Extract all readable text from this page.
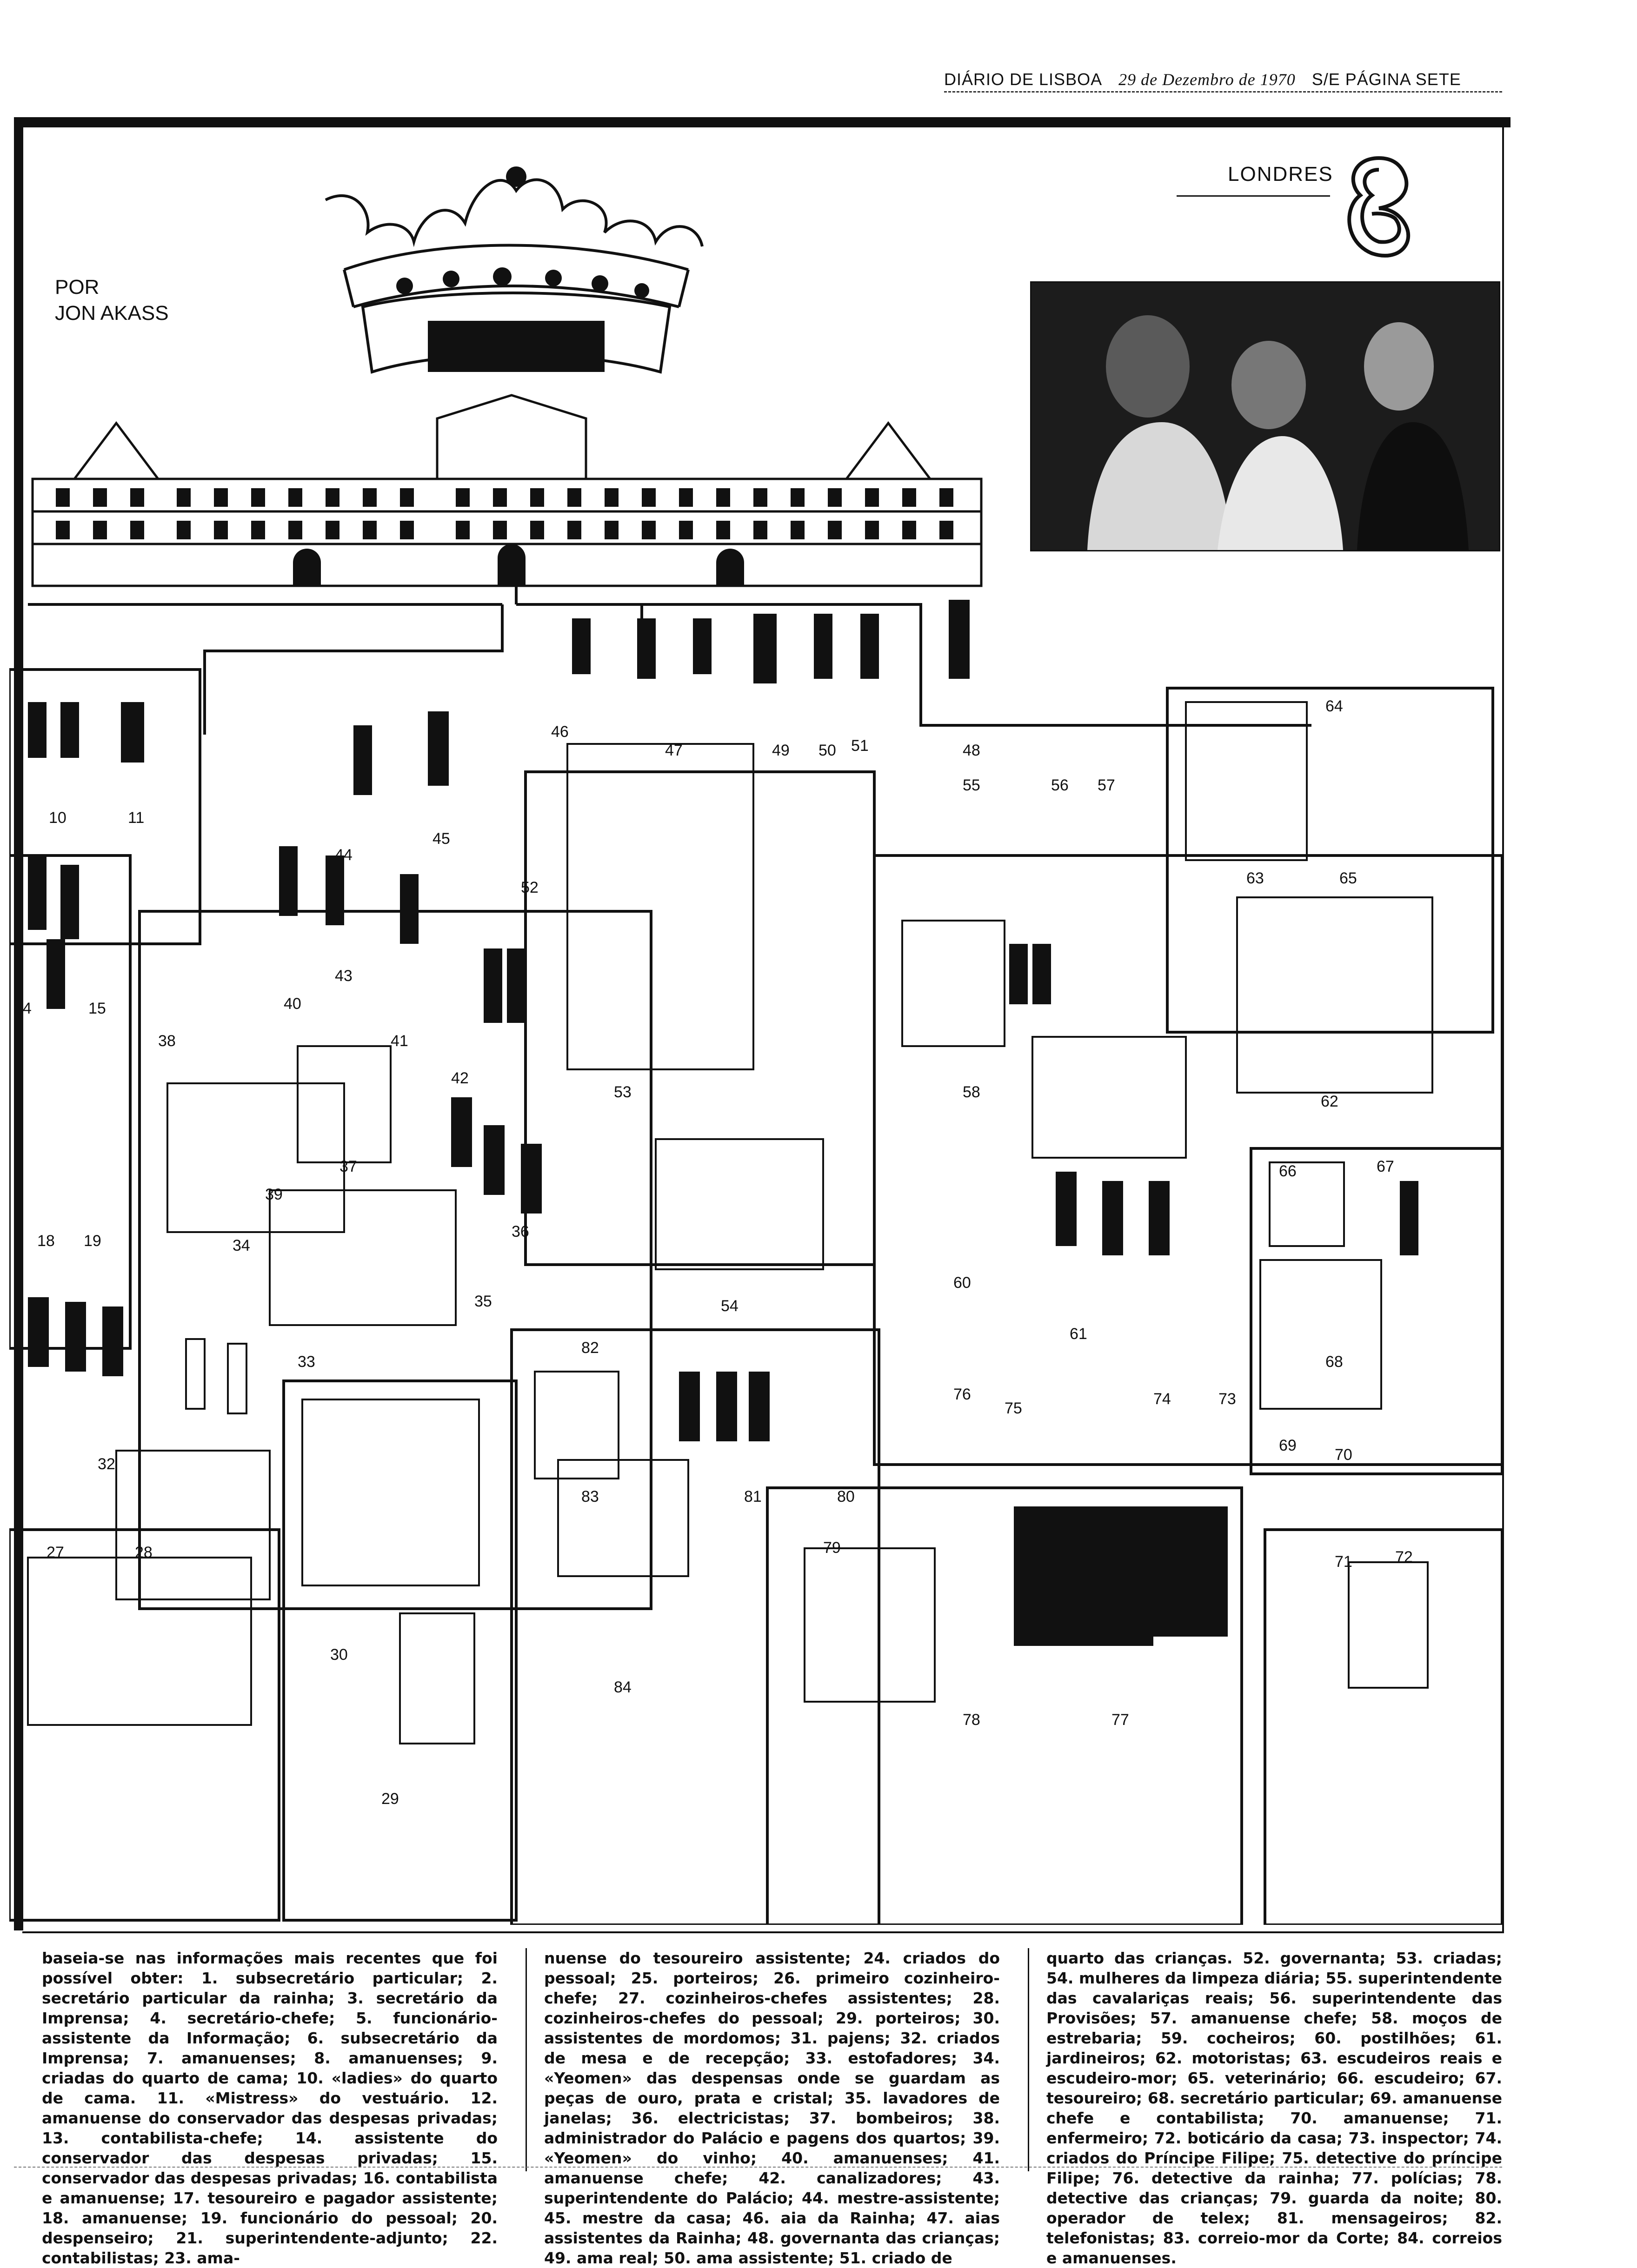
DIÁRIO DE LISBOA 29 de Dezembro de 1970 S/E PÁGINA SETE
POR
JON AKASS
LONDRES
8
10	11
14	15
18 19
27	28
29
30
32
33
34
35
36
37
38
39
40
41
42
43
44
45
46
47	48
49 50 51
52
53
54
55	56 57
58
60
61
62
63
64
65
66	67
68
69
70
71	72
73
74
75
76
77
78
79
80
81
82
83
84
baseia-se nas informações mais recentes que foi possível obter: 1. subsecretário particular; 2. secretário particular da rainha; 3. secretário da Imprensa; 4. secretário-chefe; 5. funcionário-assistente da Informação; 6. subsecretário da Imprensa; 7. amanuenses; 8. amanuenses; 9. criadas do quarto de cama; 10. «ladies» do quarto de cama. 11. «Mistress» do vestuário. 12. amanuense do conservador das despesas privadas; 13. contabilista-chefe; 14. assistente do conservador das despesas privadas; 15. conservador das despesas privadas; 16. contabilista e amanuense; 17. tesoureiro e pagador assistente; 18. amanuense; 19. funcionário do pessoal; 20. despenseiro; 21. superintendente-adjunto; 22. contabilistas; 23. ama-
nuense do tesoureiro assistente; 24. criados do pessoal; 25. porteiros; 26. primeiro cozinheiro-chefe; 27. cozinheiros-chefes assistentes; 28. cozinheiros-chefes do pessoal; 29. porteiros; 30. assistentes de mordomos; 31. pajens; 32. criados de mesa e de recepção; 33. estofadores; 34. «Yeomen» das despensas onde se guardam as peças de ouro, prata e cristal; 35. lavadores de janelas; 36. electricistas; 37. bombeiros; 38. administrador do Palácio e pagens dos quartos; 39. «Yeomen» do vinho; 40. amanuenses; 41. amanuense chefe; 42. canalizadores; 43. superintendente do Palácio; 44. mestre-assistente; 45. mestre da casa; 46. aia da Rainha; 47. aias assistentes da Rainha; 48. governanta das crianças; 49. ama real; 50. ama assistente; 51. criado de
quarto das crianças. 52. governanta; 53. criadas; 54. mulheres da limpeza diária; 55. superintendente das cavalariças reais; 56. superintendente das Provisões; 57. amanuense chefe; 58. moços de estrebaria; 59. cocheiros; 60. postilhões; 61. jardineiros; 62. motoristas; 63. escudeiros reais e escudeiro-mor; 65. veterinário; 66. escudeiro; 67. tesoureiro; 68. secretário particular; 69. amanuense chefe e contabilista; 70. amanuense; 71. enfermeiro; 72. boticário da casa; 73. inspector; 74. criados do Príncipe Filipe; 75. detective do príncipe Filipe; 76. detective da rainha; 77. polícias; 78. detective das crianças; 79. guarda da noite; 80. operador de telex; 81. mensageiros; 82. telefonistas; 83. correio-mor da Corte; 84. correios e amanuenses.
